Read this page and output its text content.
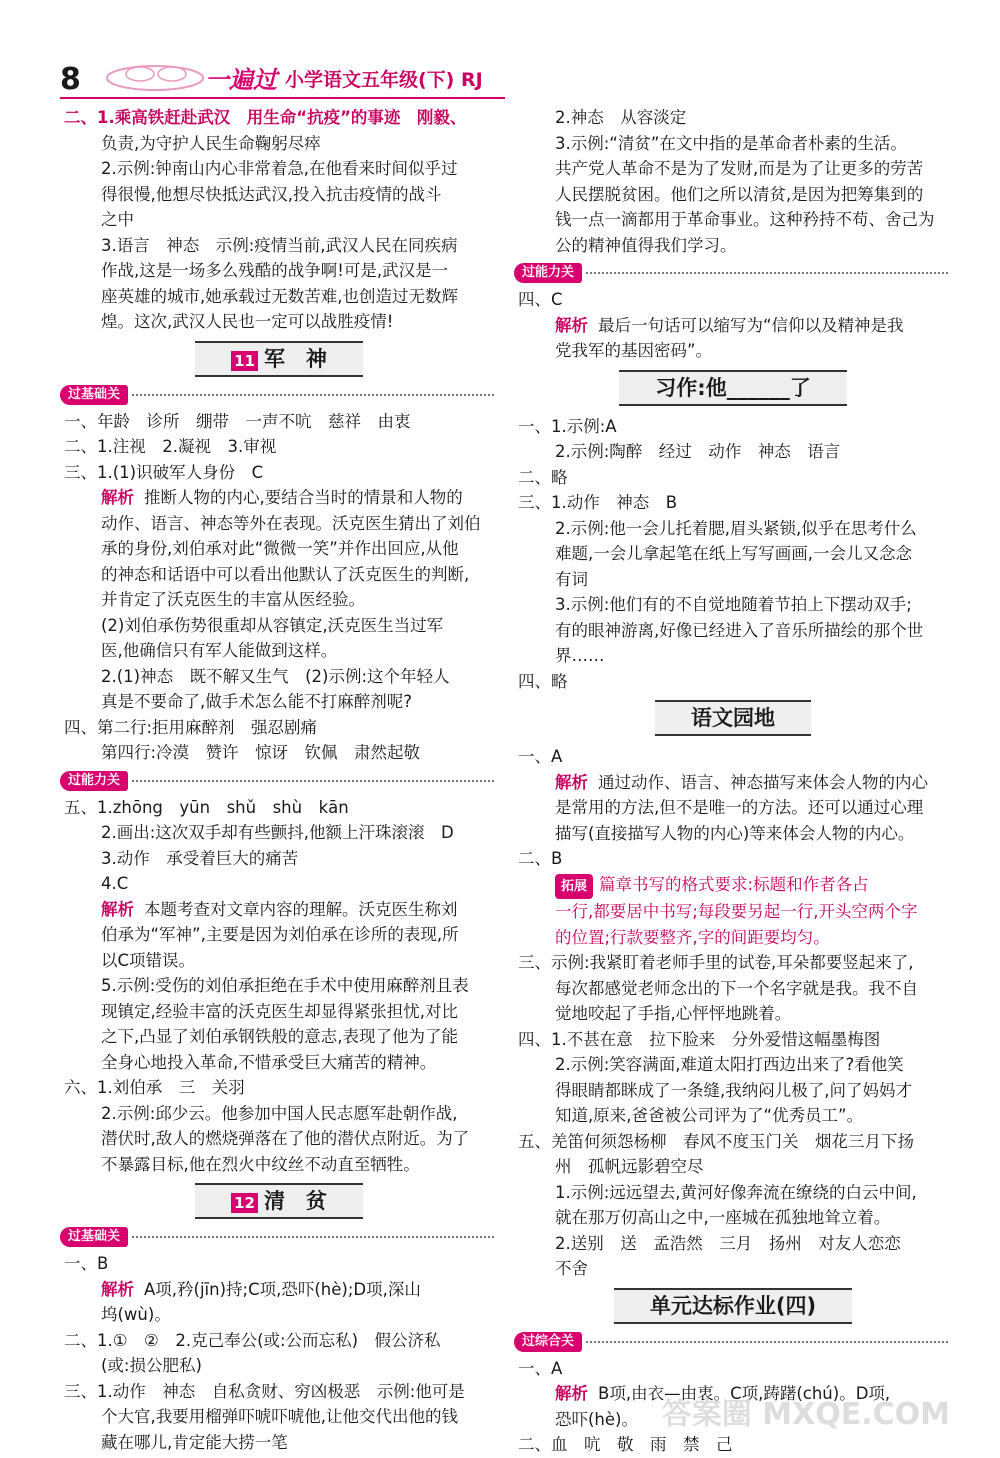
8	一遍过 小学语文五年级(下) RJ
二、1.乘高铁赶赴武汉　用生命“抗疫”的事迹　刚毅、
负责,为守护人民生命鞠躬尽瘁
2.示例:钟南山内心非常着急,在他看来时间似乎过
得很慢,他想尽快抵达武汉,投入抗击疫情的战斗
之中
3.语言　神态　示例:疫情当前,武汉人民在同疾病
作战,这是一场多么残酷的战争啊!可是,武汉是一
座英雄的城市,她承载过无数苦难,也创造过无数辉
煌。这次,武汉人民也一定可以战胜疫情!
11 军　神
过基础关
一、年龄　诊所　绷带　一声不吭　慈祥　由衷
二、1.注视　2.凝视　3.审视
三、1.(1)识破军人身份　C
解析 推断人物的内心,要结合当时的情景和人物的
动作、语言、神态等外在表现。沃克医生猜出了刘伯
承的身份,刘伯承对此“微微一笑”并作出回应,从他
的神态和话语中可以看出他默认了沃克医生的判断,
并肯定了沃克医生的丰富从医经验。
(2)刘伯承伤势很重却从容镇定,沃克医生当过军
医,他确信只有军人能做到这样。
2.(1)神态　既不解又生气　(2)示例:这个年轻人
真是不要命了,做手术怎么能不打麻醉剂呢?
四、第二行:拒用麻醉剂　强忍剧痛
第四行:冷漠　赞许　惊讶　钦佩　肃然起敬
过能力关
五、1.zhōng　yūn　shǔ　shù　kān
2.画出:这次双手却有些颤抖,他额上汗珠滚滚　D
3.动作　承受着巨大的痛苦
4.C
解析 本题考查对文章内容的理解。沃克医生称刘
伯承为“军神”,主要是因为刘伯承在诊所的表现,所
以C项错误。
5.示例:受伤的刘伯承拒绝在手术中使用麻醉剂且表
现镇定,经验丰富的沃克医生却显得紧张担忧,对比
之下,凸显了刘伯承钢铁般的意志,表现了他为了能
全身心地投入革命,不惜承受巨大痛苦的精神。
六、1.刘伯承　三　关羽
2.示例:邱少云。他参加中国人民志愿军赴朝作战,
潜伏时,敌人的燃烧弹落在了他的潜伏点附近。为了
不暴露目标,他在烈火中纹丝不动直至牺牲。
12 清　贫
过基础关
一、B
解析 A项,矜(jīn)持;C项,恐吓(hè);D项,深山
坞(wù)。
二、1.①　②　2.克己奉公(或:公而忘私)　假公济私
(或:损公肥私)
三、1.动作　神态　自私贪财、穷凶极恶　示例:他可是
个大官,我要用榴弹吓唬吓唬他,让他交代出他的钱
藏在哪儿,肯定能大捞一笔
2.神态　从容淡定
3.示例:“清贫”在文中指的是革命者朴素的生活。
共产党人革命不是为了发财,而是为了让更多的劳苦
人民摆脱贫困。他们之所以清贫,是因为把筹集到的
钱一点一滴都用于革命事业。这种矜持不苟、舍己为
公的精神值得我们学习。
过能力关
四、C
解析 最后一句话可以缩写为“信仰以及精神是我
党我军的基因密码”。
习作:他______了
一、1.示例:A
2.示例:陶醉　经过　动作　神态　语言
二、略
三、1.动作　神态　B
2.示例:他一会儿托着腮,眉头紧锁,似乎在思考什么
难题,一会儿拿起笔在纸上写写画画,一会儿又念念
有词
3.示例:他们有的不自觉地随着节拍上下摆动双手;
有的眼神游离,好像已经进入了音乐所描绘的那个世
界……
四、略
语文园地
一、A
解析 通过动作、语言、神态描写来体会人物的内心
是常用的方法,但不是唯一的方法。还可以通过心理
描写(直接描写人物的内心)等来体会人物的内心。
二、B
拓展 篇章书写的格式要求:标题和作者各占
一行,都要居中书写;每段要另起一行,开头空两个字
的位置;行款要整齐,字的间距要均匀。
三、示例:我紧盯着老师手里的试卷,耳朵都要竖起来了,
每次都感觉老师念出的下一个名字就是我。我不自
觉地咬起了手指,心怦怦地跳着。
四、1.不甚在意　拉下脸来　分外爱惜这幅墨梅图
2.示例:笑容满面,难道太阳打西边出来了?看他笑
得眼睛都眯成了一条缝,我纳闷儿极了,问了妈妈才
知道,原来,爸爸被公司评为了“优秀员工”。
五、羌笛何须怨杨柳　春风不度玉门关　烟花三月下扬
州　孤帆远影碧空尽
1.示例:远远望去,黄河好像奔流在缭绕的白云中间,
就在那万仞高山之中,一座城在孤独地耸立着。
2.送别　送　孟浩然　三月　扬州　对友人恋恋
不舍
单元达标作业(四)
过综合关
一、A
解析 B项,由衣—由衷。C项,踌躇(chú)。D项,
恐吓(hè)。
二、血　吭　敬　雨　禁　己
答案圈 MXQE.COM
